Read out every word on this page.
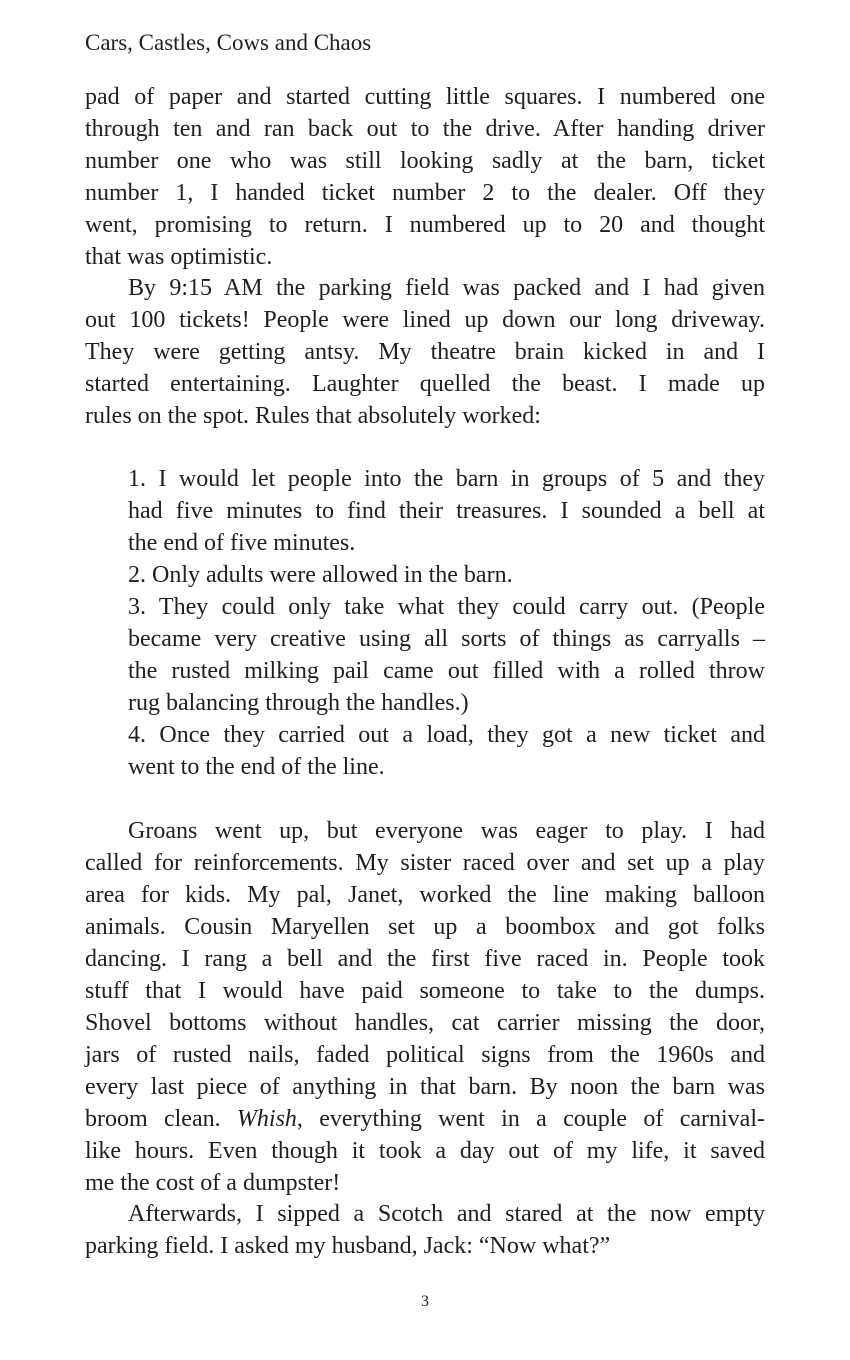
Cars, Castles, Cows and Chaos
pad of paper and started cutting little squares. I numbered one
through ten and ran back out to the drive. After handing driver
number one who was still looking sadly at the barn, ticket
number 1, I handed ticket number 2 to the dealer. Off they
went, promising to return. I numbered up to 20 and thought
that was optimistic.
By 9:15 AM the parking field was packed and I had given
out 100 tickets! People were lined up down our long driveway.
They were getting antsy. My theatre brain kicked in and I
started entertaining. Laughter quelled the beast. I made up
rules on the spot. Rules that absolutely worked:
1. I would let people into the barn in groups of 5 and they
had five minutes to find their treasures. I sounded a bell at
the end of five minutes.
2. Only adults were allowed in the barn.
3. They could only take what they could carry out. (People
became very creative using all sorts of things as carryalls –
the rusted milking pail came out filled with a rolled throw
rug balancing through the handles.)
4. Once they carried out a load, they got a new ticket and
went to the end of the line.
Groans went up, but everyone was eager to play. I had
called for reinforcements. My sister raced over and set up a play
area for kids. My pal, Janet, worked the line making balloon
animals. Cousin Maryellen set up a boombox and got folks
dancing. I rang a bell and the first five raced in. People took
stuff that I would have paid someone to take to the dumps.
Shovel bottoms without handles, cat carrier missing the door,
jars of rusted nails, faded political signs from the 1960s and
every last piece of anything in that barn. By noon the barn was
broom clean. Whish, everything went in a couple of carnival-
like hours. Even though it took a day out of my life, it saved
me the cost of a dumpster!
Afterwards, I sipped a Scotch and stared at the now empty
parking field. I asked my husband, Jack: “Now what?”
3
